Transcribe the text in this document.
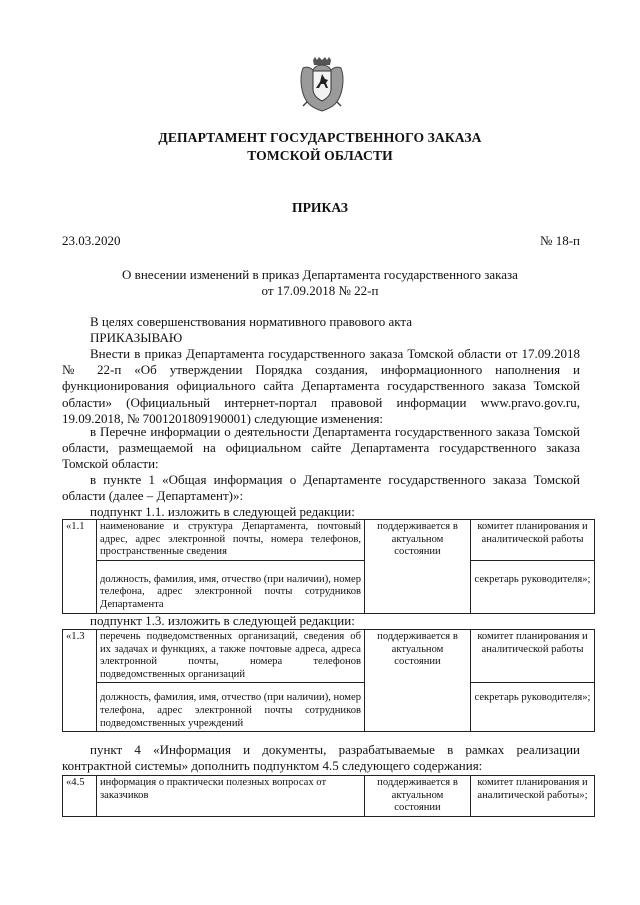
ДЕПАРТАМЕНТ ГОСУДАРСТВЕННОГО ЗАКАЗА
ТОМСКОЙ ОБЛАСТИ
ПРИКАЗ
23.03.2020	№ 18-п
О внесении изменений в приказ Департамента государственного заказа
от 17.09.2018 № 22-п
В целях совершенствования нормативного правового акта
ПРИКАЗЫВАЮ
Внести в приказ Департамента государственного заказа Томской области от 17.09.2018 № 22-п «Об утверждении Порядка создания, информационного наполнения и функционирования официального сайта Департамента государственного заказа Томской области» (Официальный интернет-портал правовой информации www.pravo.gov.ru, 19.09.2018, № 7001201809190001) следующие изменения:
в Перечне информации о деятельности Департамента государственного заказа Томской области, размещаемой на официальном сайте Департамента государственного заказа Томской области:
в пункте 1 «Общая информация о Департаменте государственного заказа Томской области (далее – Департамент)»:
подпункт 1.1. изложить в следующей редакции:
«1.1	наименование и структура Департамента, почтовый адрес, адрес электронной почты, номера телефонов, пространственные сведения	поддерживается в актуальном состоянии	комитет планирования и аналитической работы
	должность, фамилия, имя, отчество (при наличии), номер телефона, адрес электронной почты сотрудников Департамента		секретарь руководителя»;
подпункт 1.3. изложить в следующей редакции:
«1.3	перечень подведомственных организаций, сведения об их задачах и функциях, а также почтовые адреса, адреса электронной почты, номера телефонов подведомственных организаций	поддерживается в актуальном состоянии	комитет планирования и аналитической работы
	должность, фамилия, имя, отчество (при наличии), номер телефона, адрес электронной почты сотрудников подведомственных учреждений		секретарь руководителя»;
пункт 4 «Информация и документы, разрабатываемые в рамках реализации контрактной системы» дополнить подпунктом 4.5 следующего содержания:
«4.5	информация о практически полезных вопросах от заказчиков	поддерживается в актуальном состоянии	комитет планирования и аналитической работы»;
